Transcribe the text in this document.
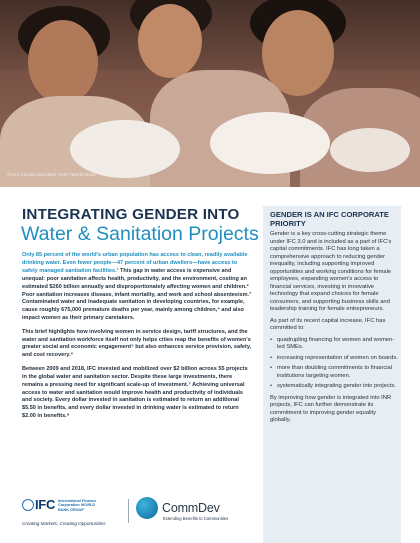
©Ana Cecilia Gonzalez-Vigil / World Bank
INTEGRATING GENDER INTO
Water & Sanitation Projects

Only 85 percent of the world's urban population has access to clean, readily available drinking water. Even fewer people—47 percent of urban dwellers—have access to safely managed sanitation facilities.¹ This gap in water access is expensive and unequal: poor sanitation affects health, productivity, and the environment, costing an estimated $260 billion annually and disproportionately affecting women and children.² Poor sanitation increases disease, infant mortality, and work and school absenteeism.³ Contaminated water and inadequate sanitation in developing countries, for example, cause roughly 675,000 premature deaths per year, mainly among children,⁴ and also impact women as their primary caretakers.

This brief highlights how involving women in service design, tariff structures, and the water and sanitation workforce itself not only helps cities reap the benefits of women's greater social and economic engagement⁵ but also enhances service provision, safety, and cost recovery.⁶

Between 2009 and 2018, IFC invested and mobilized over $2 billion across 55 projects in the global water and sanitation sector. Despite these large investments, there remains a pressing need for significant scale-up of investment.⁷ Achieving universal access to water and sanitation would improve health and productivity of individuals and society. Every dollar invested in sanitation is estimated to return an additional $5.50 in benefits, and every dollar invested in drinking water is estimated to return $2.00 in benefits.⁸

GENDER IS AN IFC CORPORATE PRIORITY

Gender is a key cross-cutting strategic theme under IFC 3.0 and is included as a part of IFC's capital commitments. IFC has long taken a comprehensive approach to reducing gender inequality, including supporting improved opportunities and working conditions for female employees, expanding women's access to financial services, investing in innovative technology that expand choices for female consumers, and supporting business skills and leadership training for female entrepreneurs.

As part of its recent capital increase, IFC has committed to:

• quadrupling financing for women and women-led SMEs.
• increasing representation of women on boards.
• more than doubling commitments to financial institutions targeting women.
• systematically integrating gender into projects.

By improving how gender is integrated into INR projects, IFC can further demonstrate its commitment to improving gender equality globally.

IFC International Finance Corporation WORLD BANK GROUP
Creating Markets, Creating Opportunities
CommDev
Extending Benefits to Communities
